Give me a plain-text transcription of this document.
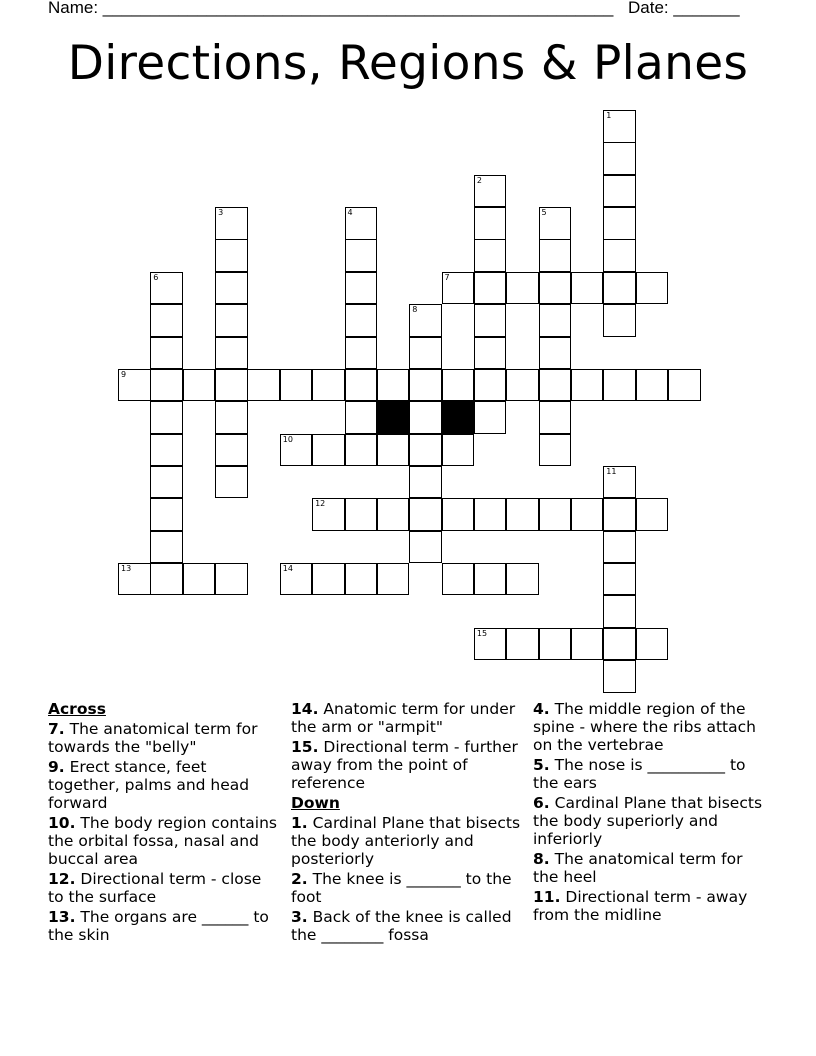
Name: ______________________________________________________ Date: _______
Directions, Regions & Planes
1
2
3	4	5
6	7
8
9
10
11
12
13	14
15
Across
7. The anatomical term for towards the "belly"
9. Erect stance, feet together, palms and head forward
10. The body region contains the orbital fossa, nasal and buccal area
12. Directional term - close to the surface
13. The organs are ______ to the skin
14. Anatomic term for under the arm or "armpit"
15. Directional term - further away from the point of reference
Down
1. Cardinal Plane that bisects the body anteriorly and posteriorly
2. The knee is _______ to the foot
3. Back of the knee is called the ________ fossa
4. The middle region of the spine - where the ribs attach on the vertebrae
5. The nose is __________ to the ears
6. Cardinal Plane that bisects the body superiorly and inferiorly
8. The anatomical term for the heel
11. Directional term - away from the midline
